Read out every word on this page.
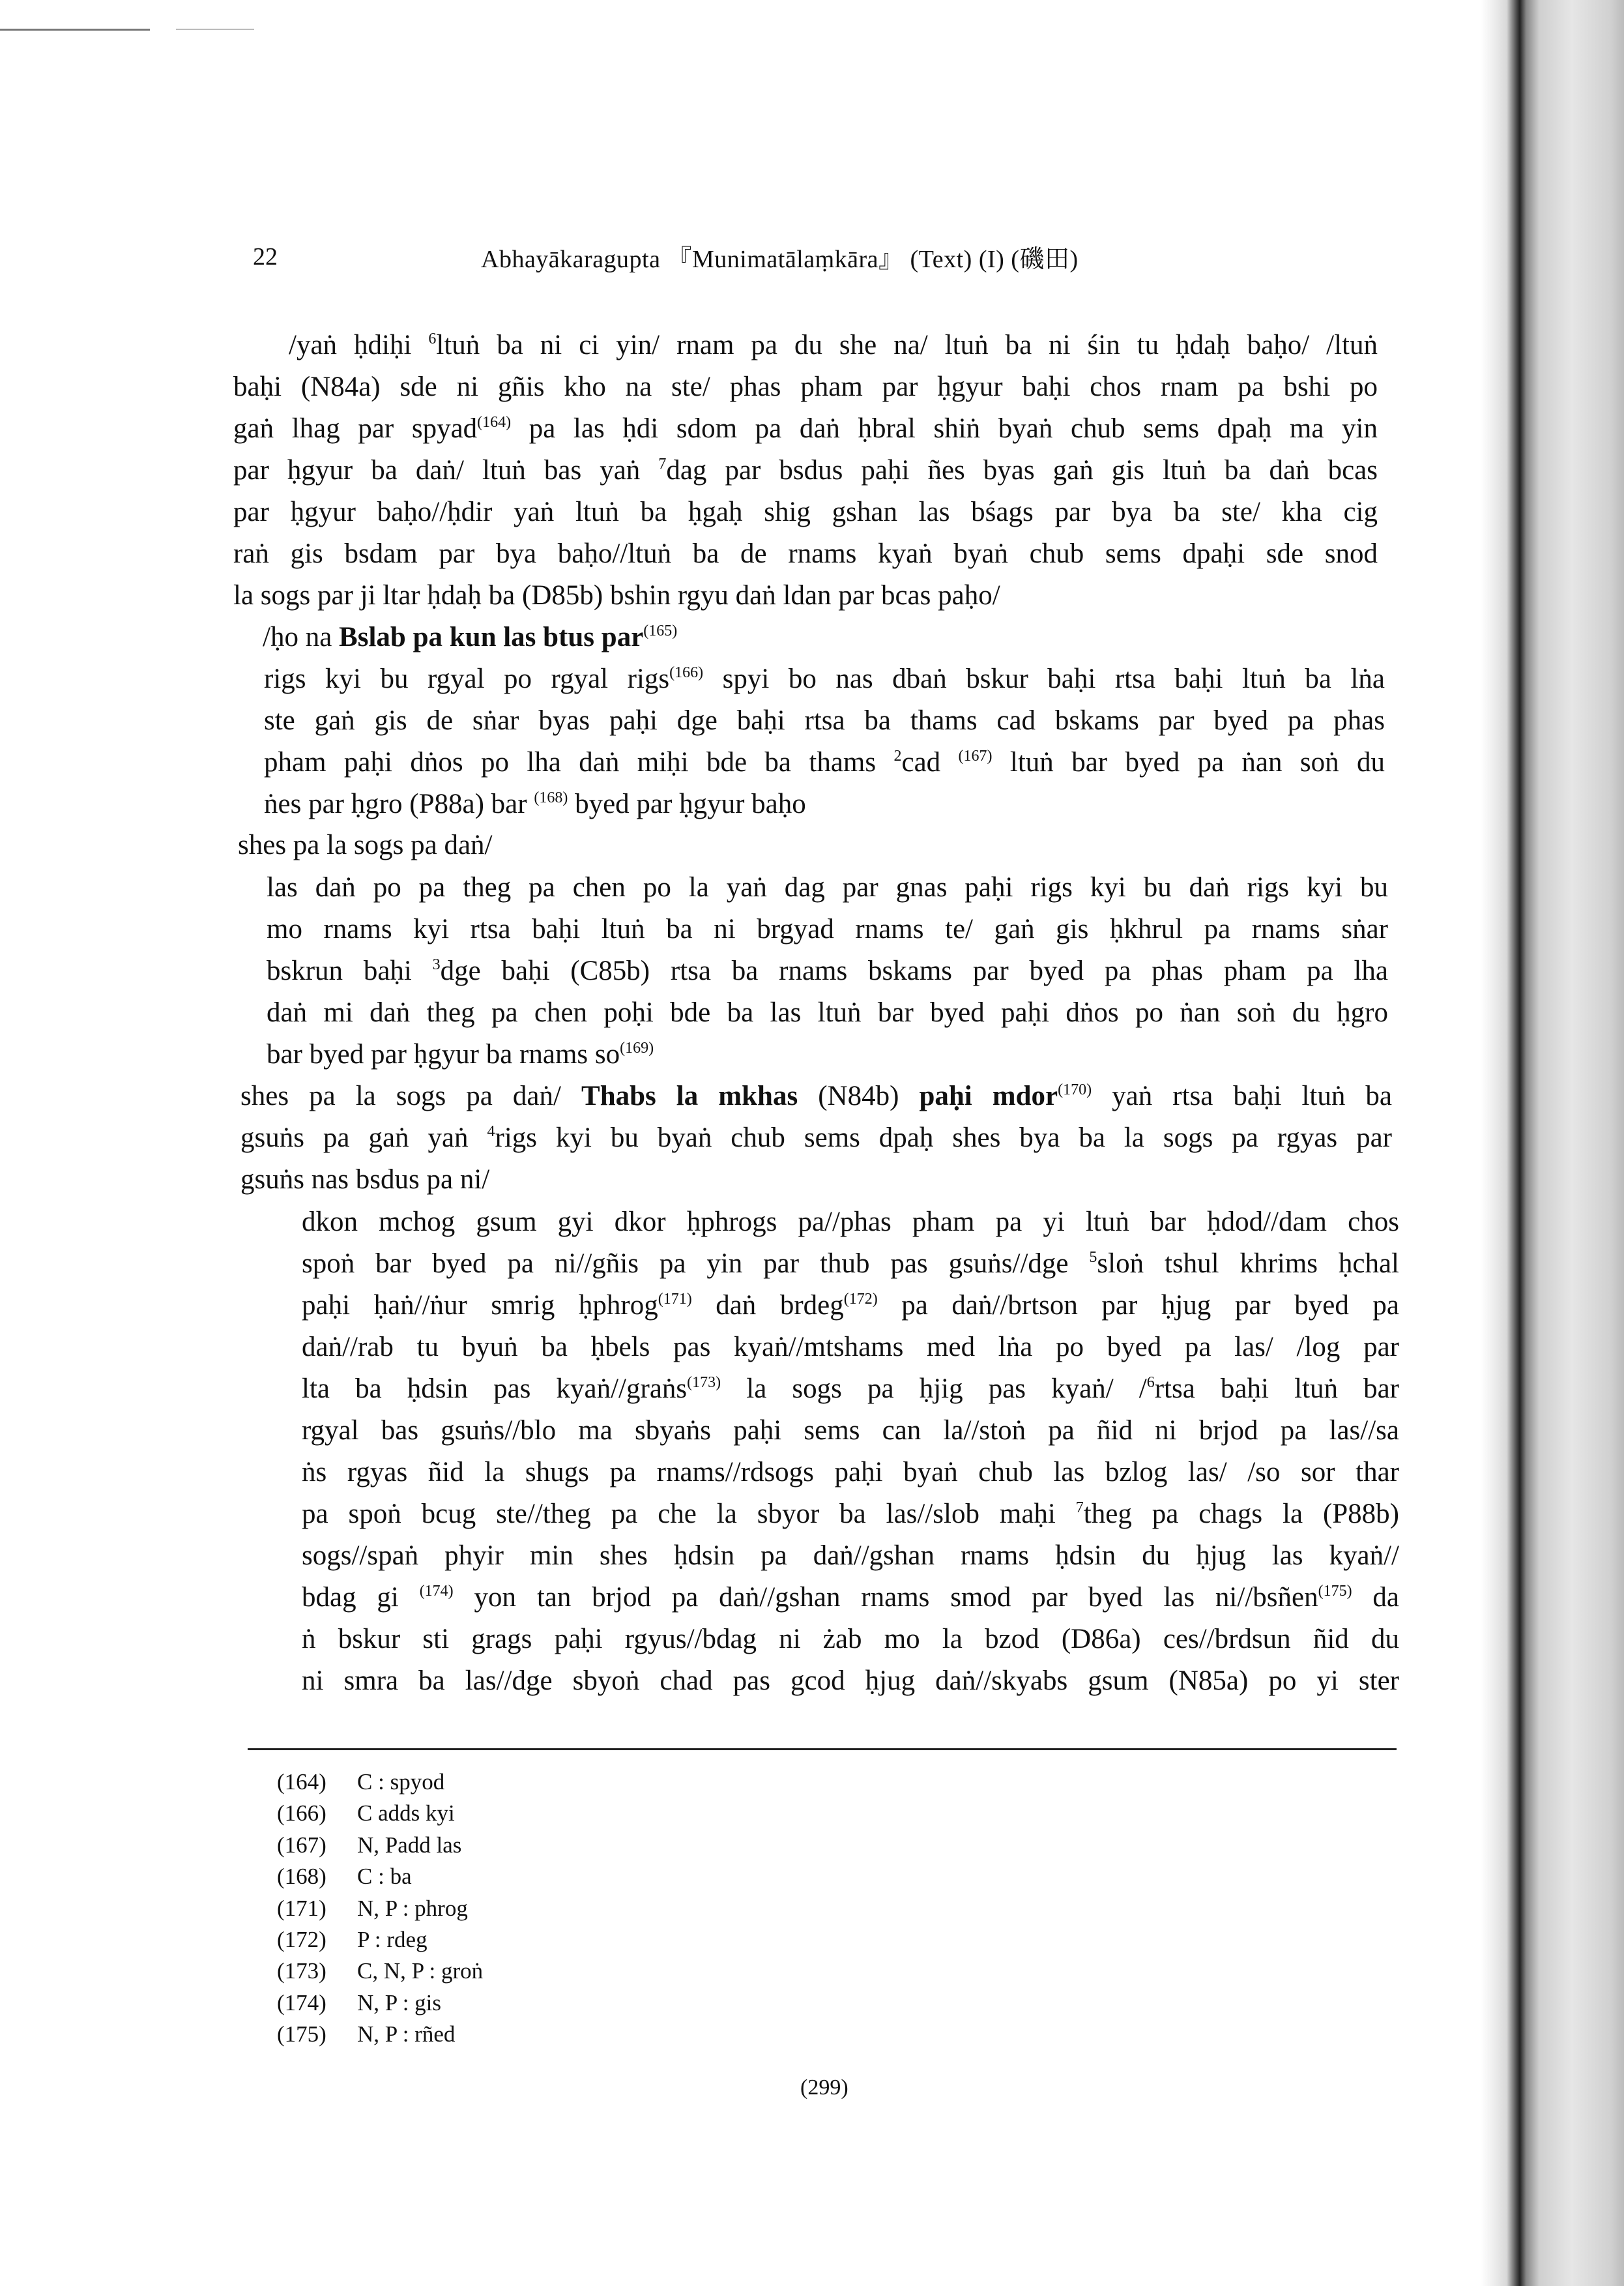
22	Abhayākaragupta 『Munimatālaṃkāra』 (Text) (I) (磯田)
/yaṅ ḥdiḥi $^6$ltuṅ ba ni ci yin/ rnam pa du she na/ ltuṅ ba ni śin tu ḥdaḥ baḥo/ /ltuṅ
baḥi (N84a) sde ni gñis kho na ste/ phas pham par ḥgyur baḥi chos rnam pa bshi po
gaṅ lhag par spyad$^{(164)}$ pa las ḥdi sdom pa daṅ ḥbral shiṅ byaṅ chub sems dpaḥ ma yin
par ḥgyur ba daṅ/ ltuṅ bas yaṅ $^7$dag par bsdus paḥi ñes byas gaṅ gis ltuṅ ba daṅ bcas
par ḥgyur baḥo//ḥdir yaṅ ltuṅ ba ḥgaḥ shig gshan las bśags par bya ba ste/ kha cig
raṅ gis bsdam par bya baḥo//ltuṅ ba de rnams kyaṅ byaṅ chub sems dpaḥi sde snod
la sogs par ji ltar ḥdaḥ ba (D85b) bshin rgyu daṅ ldan par bcas paḥo/
/ḥo na Bslab pa kun las btus par$^{(165)}$
rigs kyi bu rgyal po rgyal rigs$^{(166)}$ spyi bo nas dbaṅ bskur baḥi rtsa baḥi ltuṅ ba lṅa
ste gaṅ gis de sṅar byas paḥi dge baḥi rtsa ba thams cad bskams par byed pa phas
pham paḥi dṅos po lha daṅ miḥi bde ba thams $^2$cad $^{(167)}$ ltuṅ bar byed pa ṅan soṅ du
ṅes par ḥgro (P88a) bar $^{(168)}$ byed par ḥgyur baḥo
shes pa la sogs pa daṅ/
las daṅ po pa theg pa chen po la yaṅ dag par gnas paḥi rigs kyi bu daṅ rigs kyi bu
mo rnams kyi rtsa baḥi ltuṅ ba ni brgyad rnams te/ gaṅ gis ḥkhrul pa rnams sṅar
bskrun baḥi $^3$dge baḥi (C85b) rtsa ba rnams bskams par byed pa phas pham pa lha
daṅ mi daṅ theg pa chen poḥi bde ba las ltuṅ bar byed paḥi dṅos po ṅan soṅ du ḥgro
bar byed par ḥgyur ba rnams $so^{(169)}$
shes pa la sogs pa daṅ/ Thabs la mkhas (N84b) paḥi mdor$^{(170)}$ yaṅ rtsa baḥi ltuṅ ba
gsuṅs pa gaṅ yaṅ $^4$rigs kyi bu byaṅ chub sems dpaḥ shes bya ba la sogs pa rgyas par
gsuṅs nas bsdus pa ni/
dkon mchog gsum gyi dkor ḥphrogs pa//phas pham pa yi ltuṅ bar ḥdod//dam chos
spoṅ bar byed pa ni//gñis pa yin par thub pas gsuṅs//dge $^5$sloṅ tshul khrims ḥchal
paḥi ḥaṅ//ṅur smrig ḥphrog$^{(171)}$ daṅ brdeg$^{(172)}$ pa daṅ//brtson par ḥjug par byed pa
daṅ//rab tu byuṅ ba ḥbels pas kyaṅ//mtshams med lṅa po byed pa las/ /log par
lta ba ḥdsin pas kyaṅ//graṅs$^{(173)}$ la sogs pa ḥjig pas kyaṅ/ /$^6$rtsa baḥi ltuṅ bar
rgyal bas gsuṅs//blo ma sbyaṅs paḥi sems can la//stoṅ pa ñid ni brjod pa las//sa
ṅs rgyas ñid la shugs pa rnams//rdsogs paḥi byaṅ chub las bzlog las/ /so sor thar
pa spoṅ bcug ste//theg pa che la sbyor ba las//slob maḥi $^7$theg pa chags la (P88b)
sogs//spaṅ phyir min shes ḥdsin pa daṅ//gshan rnams ḥdsin du ḥjug las kyaṅ//
bdag gi $^{(174)}$ yon tan brjod pa daṅ//gshan rnams smod par byed las ni//bsñen$^{(175)}$ da
ṅ bskur sti grags paḥi rgyus//bdag ni żab mo la bzod (D86a) ces//brdsun ñid du
ni smra ba las//dge sbyoṅ chad pas gcod ḥjug daṅ//skyabs gsum (N85a) po yi ster
(164) C : spyod
(166) C adds kyi
(167) N, Padd las
(168) C : ba
(171) N, P : phrog
(172) P : rdeg
(173) C, N, P : groṅ
(174) N, P : gis
(175) N, P : rñed
(299)
